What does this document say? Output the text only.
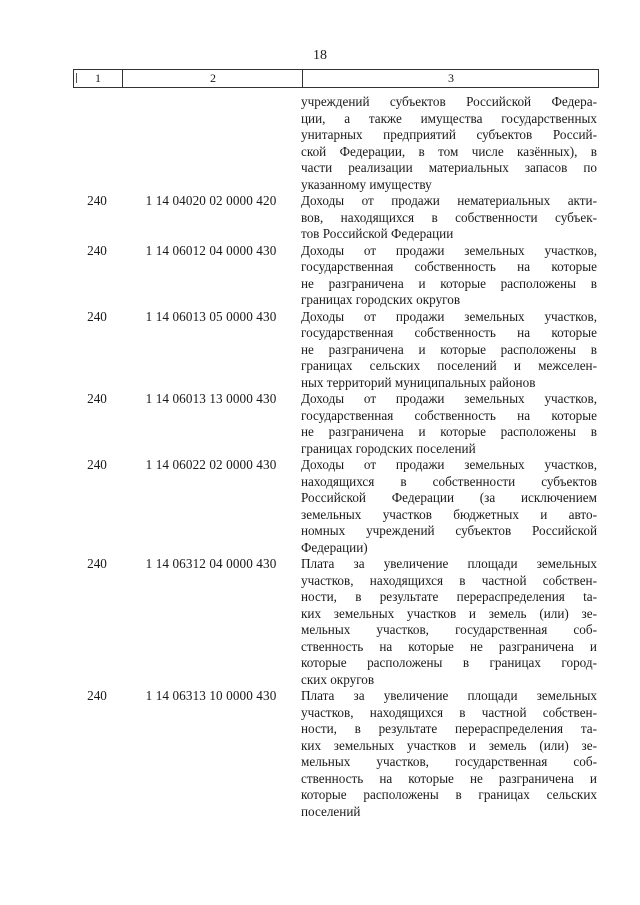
18
1	2	3
учреждений субъектов Российской Федера-
ции, а также имущества государственных
унитарных предприятий субъектов Россий-
ской Федерации, в том числе казённых), в
части реализации материальных запасов по
указанному имуществу
240	1 14 04020 02 0000 420	Доходы от продажи нематериальных акти-
вов, находящихся в собственности субъек-
тов Российской Федерации
240	1 14 06012 04 0000 430	Доходы от продажи земельных участков,
государственная собственность на которые
не разграничена и которые расположены в
границах городских округов
240	1 14 06013 05 0000 430	Доходы от продажи земельных участков,
государственная собственность на которые
не разграничена и которые расположены в
границах сельских поселений и межселен-
ных территорий муниципальных районов
240	1 14 06013 13 0000 430	Доходы от продажи земельных участков,
государственная собственность на которые
не разграничена и которые расположены в
границах городских поселений
240	1 14 06022 02 0000 430	Доходы от продажи земельных участков,
находящихся в собственности субъектов
Российской Федерации (за исключением
земельных участков бюджетных и авто-
номных учреждений субъектов Российской
Федерации)
240	1 14 06312 04 0000 430	Плата за увеличение площади земельных
участков, находящихся в частной собствен-
ности, в результате перераспределения ta-
ких земельных участков и земель (или) зе-
мельных участков, государственная соб-
ственность на которые не разграничена и
которые расположены в границах город-
ских округов
240	1 14 06313 10 0000 430	Плата за увеличение площади земельных
участков, находящихся в частной собствен-
ности, в результате перераспределения та-
ких земельных участков и земель (или) зе-
мельных участков, государственная соб-
ственность на которые не разграничена и
которые расположены в границах сельских
поселений
